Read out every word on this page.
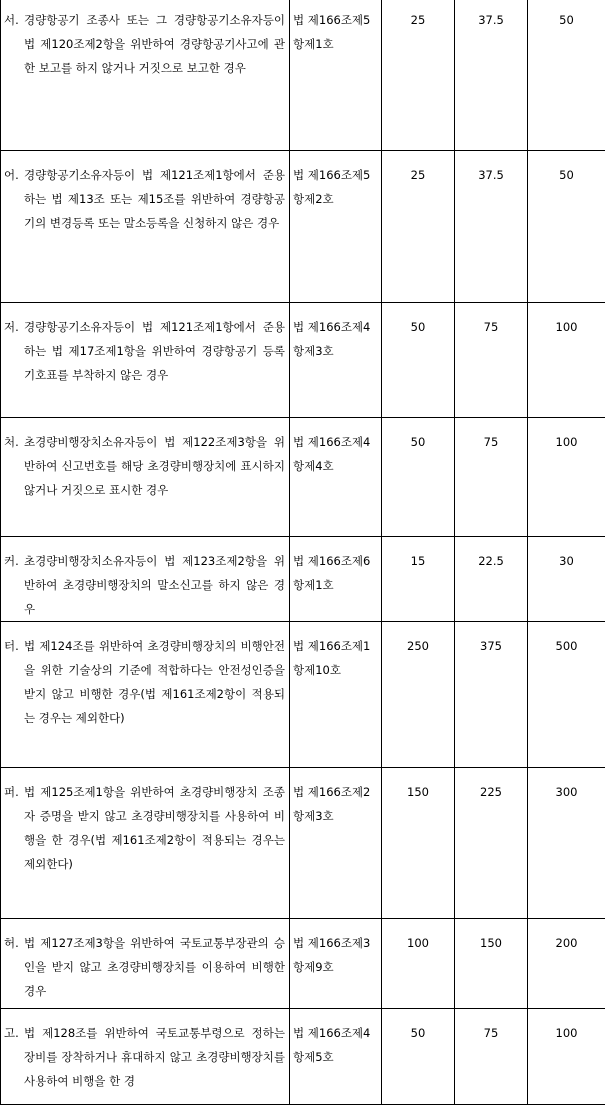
서. 경량항공기 조종사 또는 그 경량항공기소유자등이 법 제120조제2항을 위반하여 경량항공기사고에 관한 보고를 하지 않거나 거짓으로 보고한 경우	법 제166조제5항제1호	25	37.5	50

어. 경량항공기소유자등이 법 제121조제1항에서 준용하는 법 제13조 또는 제15조를 위반하여 경량항공기의 변경등록 또는 말소등록을 신청하지 않은 경우	법 제166조제5항제2호	25	37.5	50

저. 경량항공기소유자등이 법 제121조제1항에서 준용하는 법 제17조제1항을 위반하여 경량항공기 등록기호표를 부착하지 않은 경우	법 제166조제4항제3호	50	75	100

처. 초경량비행장치소유자등이 법 제122조제3항을 위반하여 신고번호를 해당 초경량비행장치에 표시하지 않거나 거짓으로 표시한 경우	법 제166조제4항제4호	50	75	100

커. 초경량비행장치소유자등이 법 제123조제2항을 위반하여 초경량비행장치의 말소신고를 하지 않은 경우	법 제166조제6항제1호	15	22.5	30

터. 법 제124조를 위반하여 초경량비행장치의 비행안전을 위한 기술상의 기준에 적합하다는 안전성인증을 받지 않고 비행한 경우(법 제161조제2항이 적용되는 경우는 제외한다)	법 제166조제1항제10호	250	375	500

퍼. 법 제125조제1항을 위반하여 초경량비행장치 조종자 증명을 받지 않고 초경량비행장치를 사용하여 비행을 한 경우(법 제161조제2항이 적용되는 경우는 제외한다)	법 제166조제2항제3호	150	225	300

허. 법 제127조제3항을 위반하여 국토교통부장관의 승인을 받지 않고 초경량비행장치를 이용하여 비행한 경우	법 제166조제3항제9호	100	150	200

고. 법 제128조를 위반하여 국토교통부령으로 정하는 장비를 장착하거나 휴대하지 않고 초경량비행장치를 사용하여 비행을 한 경	법 제166조제4항제5호	50	75	100
